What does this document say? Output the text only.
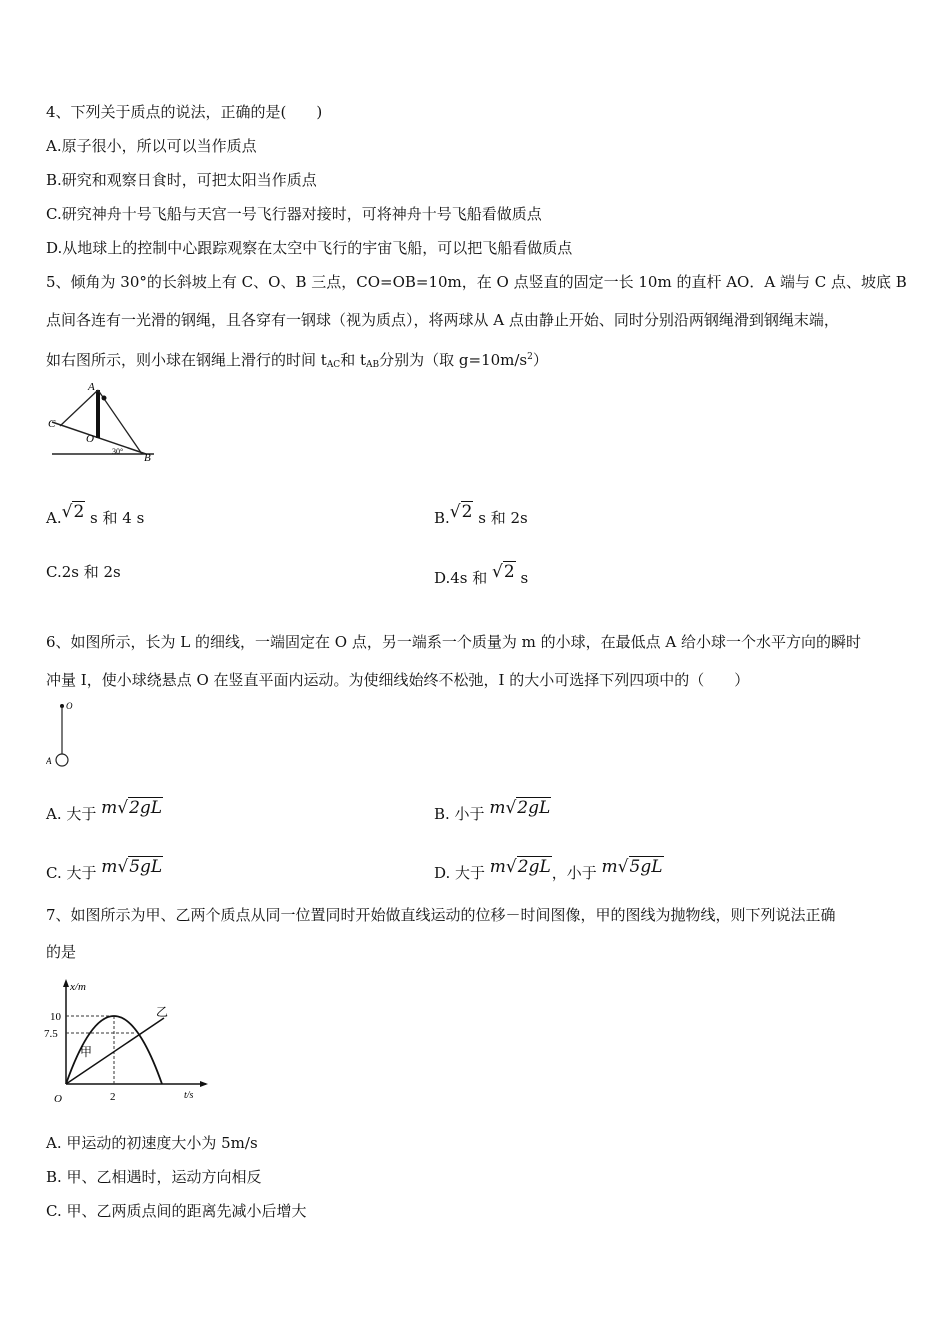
4、下列关于质点的说法，正确的是(　　)
A.原子很小，所以可以当作质点
B.研究和观察日食时，可把太阳当作质点
C.研究神舟十号飞船与天宫一号飞行器对接时，可将神舟十号飞船看做质点
D.从地球上的控制中心跟踪观察在太空中飞行的宇宙飞船，可以把飞船看做质点
5、倾角为 30°的长斜坡上有 C、O、B 三点，CO=OB=10m，在 O 点竖直的固定一长 10m 的直杆 AO．A 端与 C 点、坡底 B
点间各连有一光滑的钢绳，且各穿有一钢球（视为质点），将两球从 A 点由静止开始、同时分别沿两钢绳滑到钢绳末端，
如右图所示，则小球在钢绳上滑行的时间 $t_{AC}$和 $t_{AB}$分别为（取 $g=10m/s^2$）
A
C
O
B
30°
A.√2 s 和 4 s	B.√2 s 和 2s
C.2s 和 2s	D.4s 和 √2 s
6、如图所示，长为 L 的细线，一端固定在 O 点，另一端系一个质量为 m 的小球，在最低点 A 给小球一个水平方向的瞬时
冲量 I，使小球绕悬点 O 在竖直平面内运动。为使细线始终不松弛，I 的大小可选择下列四项中的（　　）
O
A
A. 大于 m√2gL	B. 小于 m√2gL
C. 大于 m√5gL	D. 大于 m√2gL，小于 m√5gL
7、如图所示为甲、乙两个质点从同一位置同时开始做直线运动的位移－时间图像，甲的图线为抛物线，则下列说法正确
的是
x/m
t/s
10
7.5
2
O
甲
乙
A. 甲运动的初速度大小为 5m/s
B. 甲、乙相遇时，运动方向相反
C. 甲、乙两质点间的距离先减小后增大
